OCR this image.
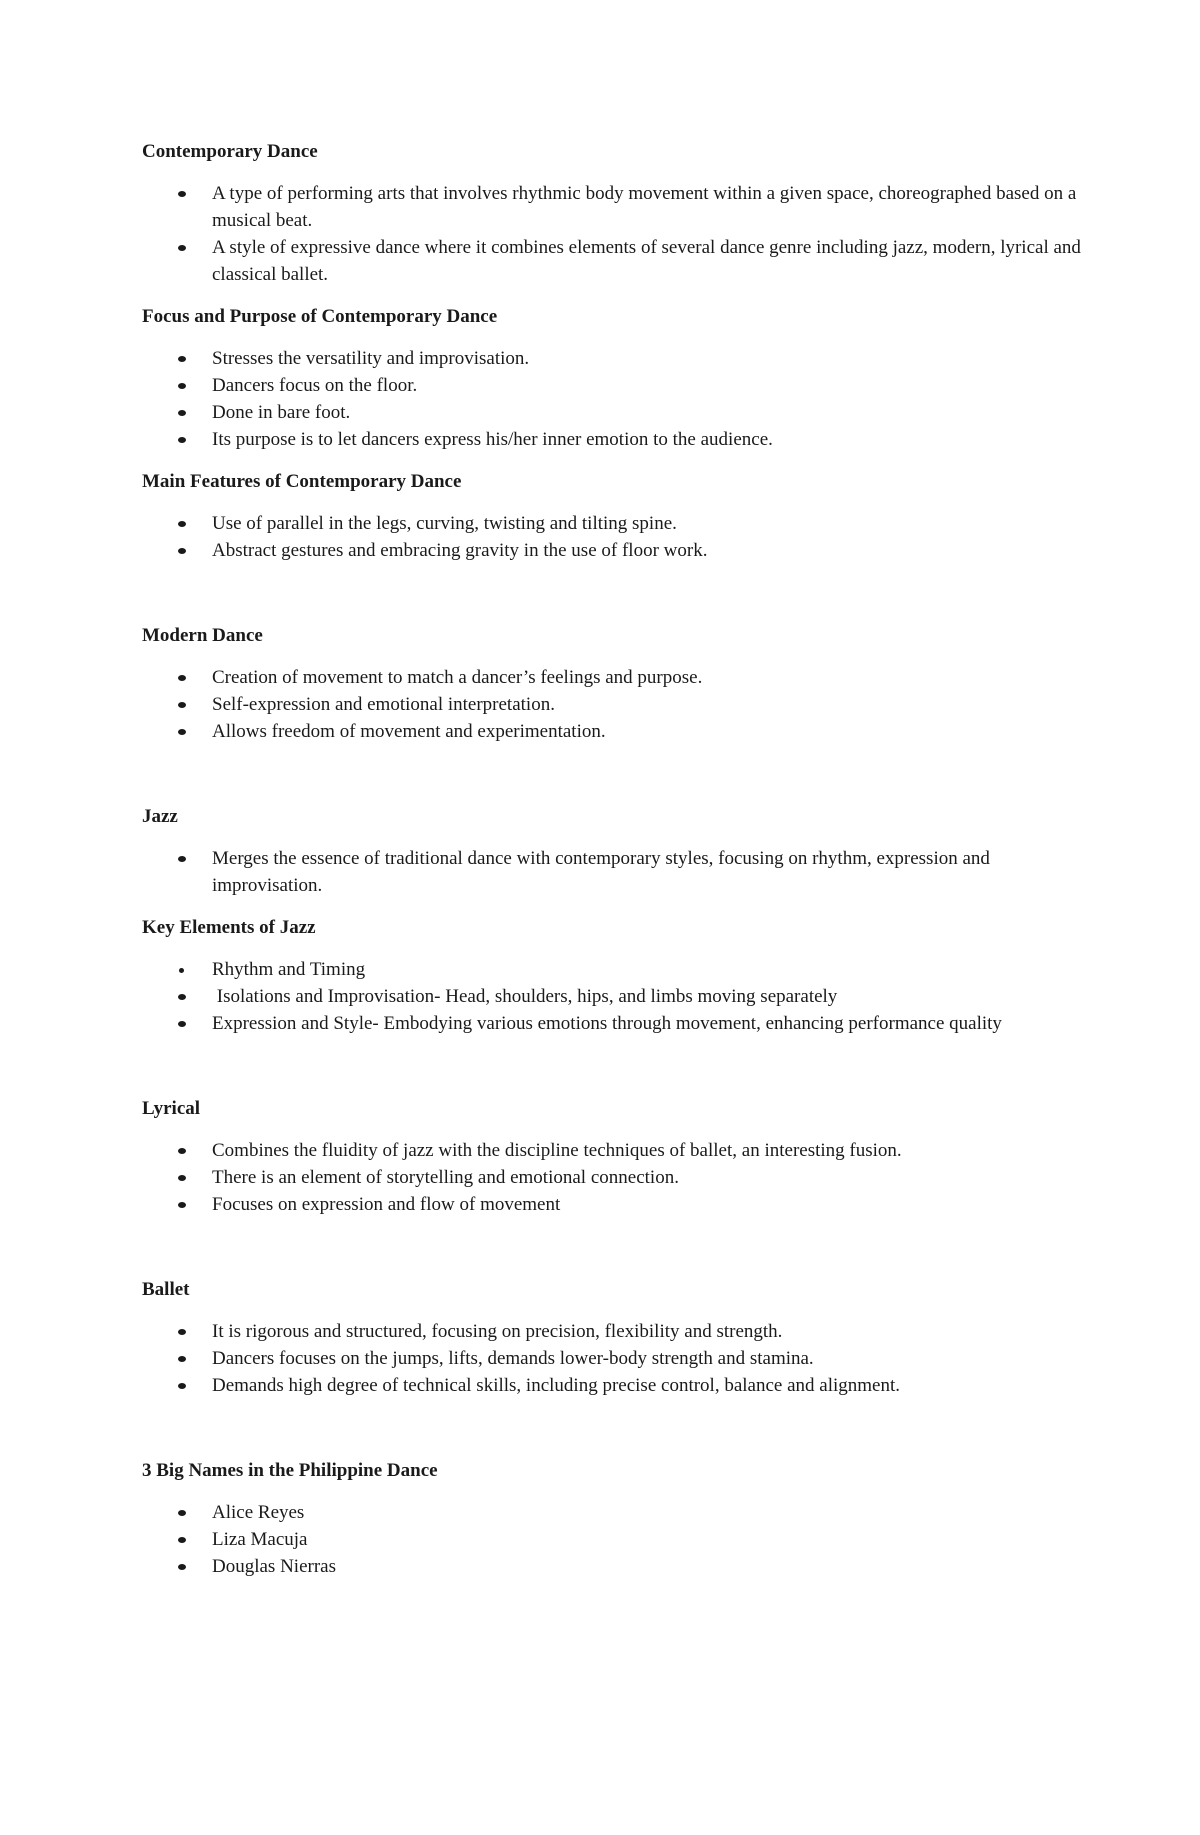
Contemporary Dance
A type of performing arts that involves rhythmic body movement within a given space, choreographed based on a musical beat.
A style of expressive dance where it combines elements of several dance genre including jazz, modern, lyrical and classical ballet.
Focus and Purpose of Contemporary Dance
Stresses the versatility and improvisation.
Dancers focus on the floor.
Done in bare foot.
Its purpose is to let dancers express his/her inner emotion to the audience.
Main Features of Contemporary Dance
Use of parallel in the legs, curving, twisting and tilting spine.
Abstract gestures and embracing gravity in the use of floor work.
Modern Dance
Creation of movement to match a dancer’s feelings and purpose.
Self-expression and emotional interpretation.
Allows freedom of movement and experimentation.
Jazz
Merges the essence of traditional dance with contemporary styles, focusing on rhythm, expression and improvisation.
Key Elements of Jazz
Rhythm and Timing
Isolations and Improvisation- Head, shoulders, hips, and limbs moving separately
Expression and Style- Embodying various emotions through movement, enhancing performance quality
Lyrical
Combines the fluidity of jazz with the discipline techniques of ballet, an interesting fusion.
There is an element of storytelling and emotional connection.
Focuses on expression and flow of movement
Ballet
It is rigorous and structured, focusing on precision, flexibility and strength.
Dancers focuses on the jumps, lifts, demands lower-body strength and stamina.
Demands high degree of technical skills, including precise control, balance and alignment.
3 Big Names in the Philippine Dance
Alice Reyes
Liza Macuja
Douglas Nierras
